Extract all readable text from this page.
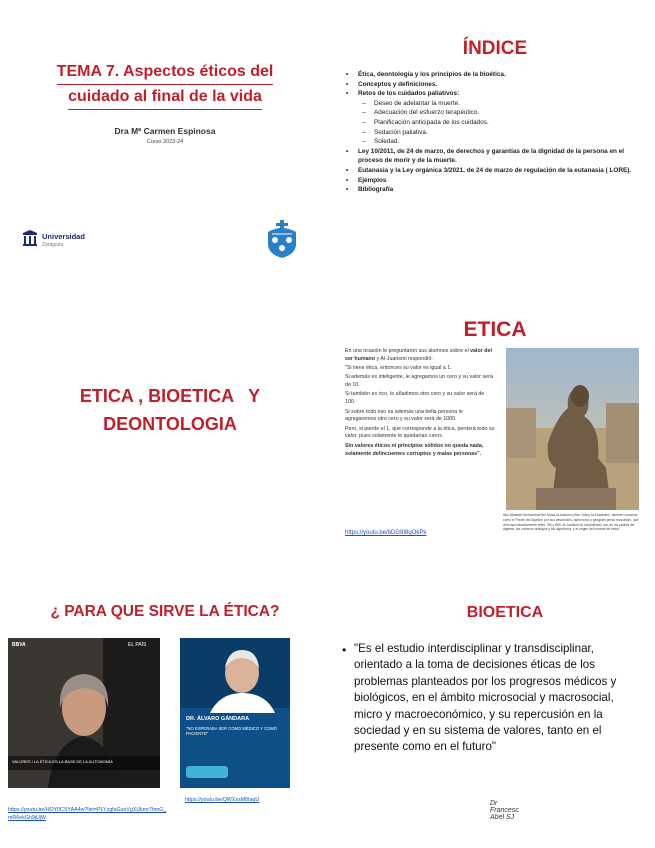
TEMA 7. Aspectos éticos del
cuidado al final de la vida
Dra Mª Carmen Espinosa
Curso 2023-24
Universidad
Zaragoza
ÍNDICE
• Ética, deontología y los principios de la bioética.
• Conceptos y definiciones.
• Retos de los cuidados paliativos:
– Deseo de adelantar la muerte.
– Adecuación del esfuerzo terapéutico.
– Planificación anticipada de los cuidados.
– Sedación paliativa.
– Soledad.
• Ley 10/2011, de 24 de marzo, de derechos y garantías de la dignidad de la persona en el proceso de morir y de la muerte.
• Eutanasia y la Ley orgánica 3/2021, de 24 de marzo de regulación de la eutanasia ( LORE).
• Ejemplos
• Bibliografía
ETICA , BIOETICA   Y
DEONTOLOGIA
ETICA

En una ocasión le preguntaron sus alumnos sobre el valor del ser humano y Al-Juarismi respondió:

"Si tiene ética, entonces su valor es igual a 1.

Si además es inteligente, le agregamos un cero y su valor será de 10.

Si también es rico, le añadimos otro cero y su valor será de 100.

Si sobre todo eso es además una bella persona le agregaremos otro cero y su valor será de 1000.

Pero, si pierde el 1, que corresponde a la ética, perderá todo su valor, pues solamente le quedarían ceros.

Sin valores éticos ni principios sólidos no queda nada, solamente delincuentes corruptos y malas personas".

https://youtu.be/bDG9I8gOkPk
Abu Abdallah Muhammad ibn Musa al-Jwarizmi (Abu Yafar) Al-Khwarizmi, también conocido como el 'Padre del Álgebra' por sus desarrollos, astrónomo y geógrafo persa musulmán, que vivió aproximadamente entre 780 y 850. Al-Juarismi es considerado uno de los padres del álgebra, los números arábigos y los algoritmos, y el origen del nombre de estos
¿ PARA QUE SIRVE LA ÉTICA?
BBVA	EL PAÍS
VALORES / LA ÉTICA ES LA BASE DE LA AUTONOMÍA
DR. ÁLVARO GÁNDARA
"NO ESPERABA SER COMO MÉDICO Y COMO PACIENTE"
https://youtu.be/HOY0CSYAA4w?list=PLYzgfaGxoVgXUkmr7hmG_mR6ekGh9jUjW
https://youtu.be/QWXxsM8IaqU
BIOETICA
• "Es el estudio interdisciplinar y transdisciplinar, orientado a la toma de decisiones éticas de los problemas planteados por los progresos médicos y biológicos, en el ámbito microsocial y macrosocial, micro y macroeconómico, y su repercusión en la sociedad y en su sistema de valores, tanto en el presente como en el futuro"
Dr Francesc Abel SJ
